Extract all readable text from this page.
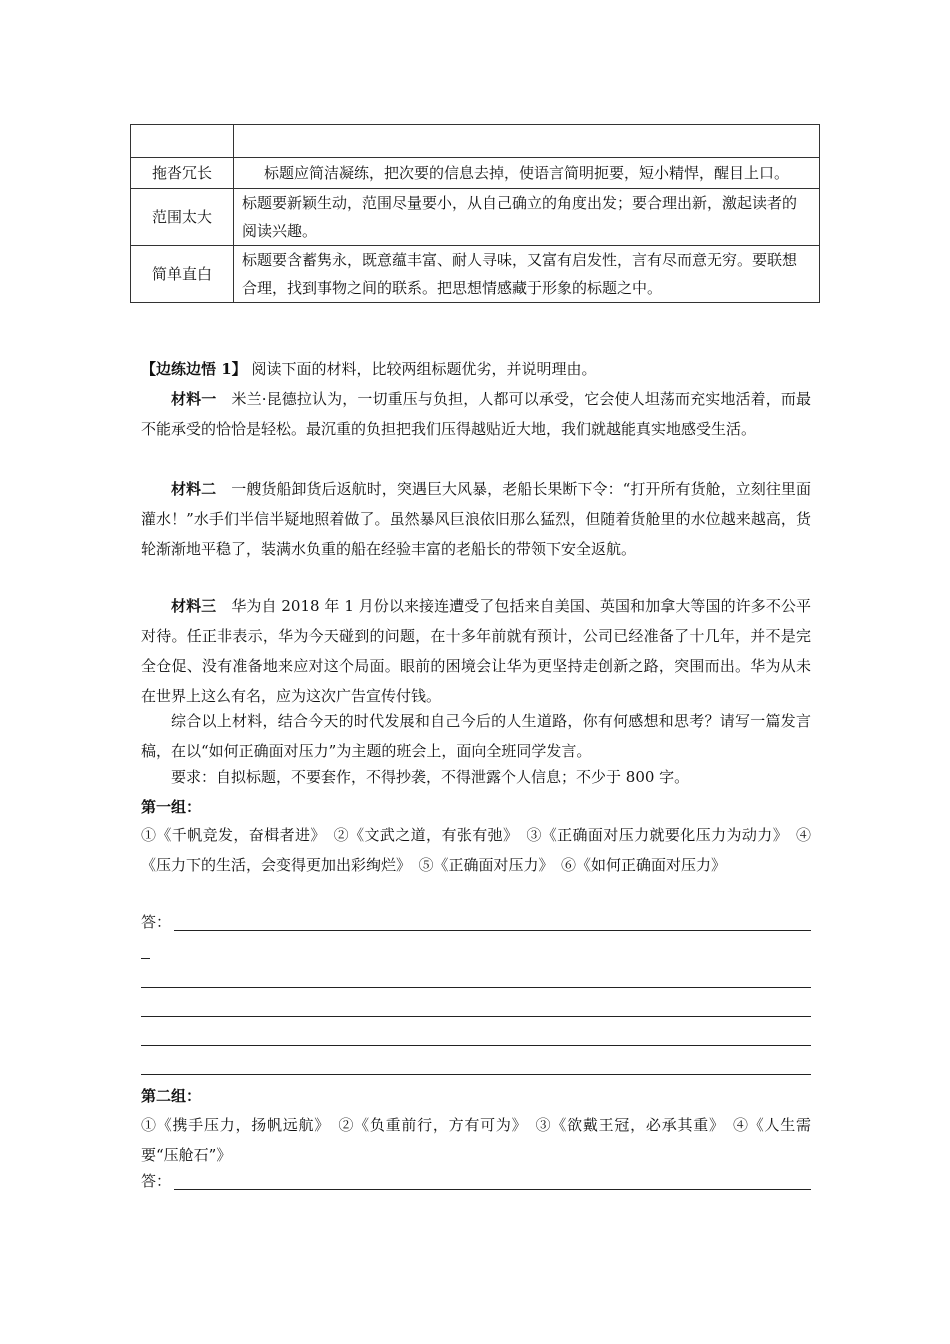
拖沓冗长	标题应简洁凝练，把次要的信息去掉，使语言简明扼要，短小精悍，醒目上口。
范围太大	标题要新颖生动，范围尽量要小，从自己确立的角度出发；要合理出新，激起读者的阅读兴趣。
简单直白	标题要含蓄隽永，既意蕴丰富、耐人寻味，又富有启发性，言有尽而意无穷。要联想合理，找到事物之间的联系。把思想情感藏于形象的标题之中。
【边练边悟 1】 阅读下面的材料，比较两组标题优劣，并说明理由。
材料一　 米兰·昆德拉认为，一切重压与负担，人都可以承受，它会使人坦荡而充实地活着，而最不能承受的恰恰是轻松。最沉重的负担把我们压得越贴近大地，我们就越能真实地感受生活。
材料二　 一艘货船卸货后返航时，突遇巨大风暴，老船长果断下令：“打开所有货舱，立刻往里面灌水！”水手们半信半疑地照着做了。虽然暴风巨浪依旧那么猛烈，但随着货舱里的水位越来越高，货轮渐渐地平稳了，装满水负重的船在经验丰富的老船长的带领下安全返航。
材料三　 华为自 2018 年 1 月份以来接连遭受了包括来自美国、英国和加拿大等国的许多不公平对待。任正非表示，华为今天碰到的问题，在十多年前就有预计，公司已经准备了十几年，并不是完全仓促、没有准备地来应对这个局面。眼前的困境会让华为更坚持走创新之路，突围而出。华为从未在世界上这么有名，应为这次广告宣传付钱。
综合以上材料，结合今天的时代发展和自己今后的人生道路，你有何感想和思考？请写一篇发言稿，在以“如何正确面对压力”为主题的班会上，面向全班同学发言。
要求：自拟标题，不要套作，不得抄袭，不得泄露个人信息；不少于 800 字。
第一组：
①《千帆竞发，奋楫者进》　②《文武之道，有张有弛》　③《正确面对压力就要化压力为动力》　④《压力下的生活，会变得更加出彩绚烂》　⑤《正确面对压力》　⑥《如何正确面对压力》
答：
第二组：
①《携手压力，扬帆远航》　②《负重前行，方有可为》　③《欲戴王冠，必承其重》　④《人生需要“压舱石”》
答：
